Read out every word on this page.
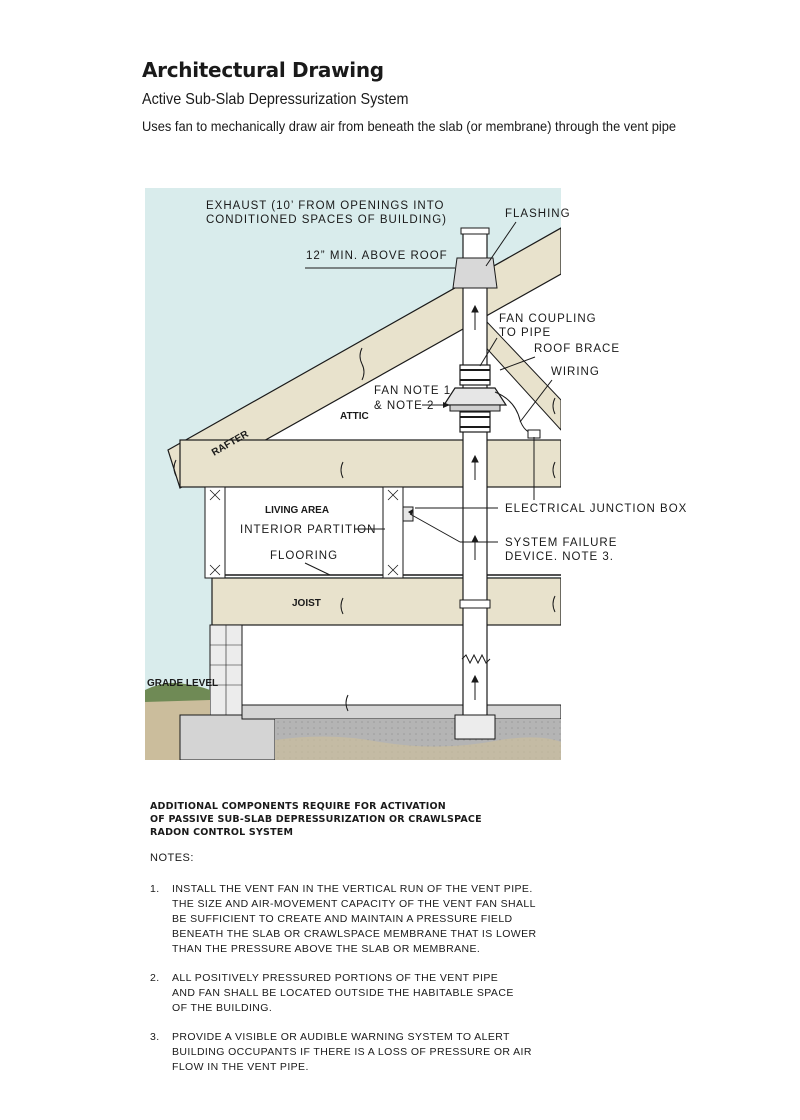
Architectural Drawing

Active Sub-Slab Depressurization System

Uses fan to mechanically draw air from beneath the slab (or membrane) through the vent pipe

EXHAUST (10’ FROM OPENINGS INTO
CONDITIONED SPACES OF BUILDING)
12” MIN. ABOVE ROOF
FLASHING
FAN COUPLING
TO PIPE
ROOF BRACE
WIRING
FAN NOTE 1
& NOTE 2
ATTIC
RAFTER
LIVING AREA
INTERIOR PARTITION
FLOORING
JOIST
ELECTRICAL JUNCTION BOX
SYSTEM FAILURE
DEVICE. NOTE 3.
GRADE LEVEL
ADDITIONAL COMPONENTS REQUIRE FOR ACTIVATION
OF PASSIVE SUB-SLAB DEPRESSURIZATION OR CRAWLSPACE
RADON CONTROL SYSTEM
NOTES:
1. INSTALL THE VENT FAN IN THE VERTICAL RUN OF THE VENT PIPE.
THE SIZE AND AIR-MOVEMENT CAPACITY OF THE VENT FAN SHALL
BE SUFFICIENT TO CREATE AND MAINTAIN A PRESSURE FIELD
BENEATH THE SLAB OR CRAWLSPACE MEMBRANE THAT IS LOWER
THAN THE PRESSURE ABOVE THE SLAB OR MEMBRANE.
2. ALL POSITIVELY PRESSURED PORTIONS OF THE VENT PIPE
AND FAN SHALL BE LOCATED OUTSIDE THE HABITABLE SPACE
OF THE BUILDING.
3. PROVIDE A VISIBLE OR AUDIBLE WARNING SYSTEM TO ALERT
BUILDING OCCUPANTS IF THERE IS A LOSS OF PRESSURE OR AIR
FLOW IN THE VENT PIPE.
